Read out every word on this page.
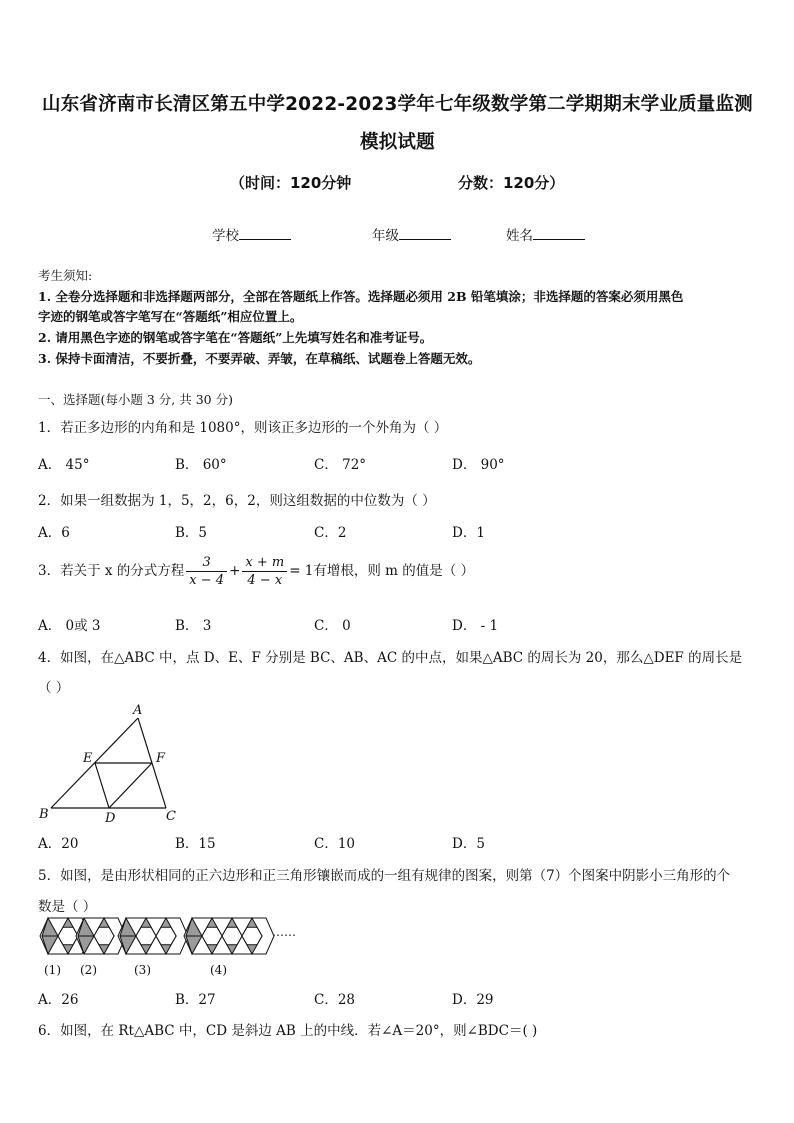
山东省济南市长清区第五中学2022-2023学年七年级数学第二学期期末学业质量监测
模拟试题
（时间：120分钟	分数：120分）
学校	年级	姓名
考生须知:
1. 全卷分选择题和非选择题两部分，全部在答题纸上作答。选择题必须用 2B 铅笔填涂；非选择题的答案必须用黑色
字迹的钢笔或答字笔写在“答题纸”相应位置上。
2. 请用黑色字迹的钢笔或答字笔在“答题纸”上先填写姓名和准考证号。
3. 保持卡面清洁，不要折叠，不要弄破、弄皱，在草稿纸、试题卷上答题无效。
一、选择题(每小题 3 分, 共 30 分)
1．若正多边形的内角和是 1080°，则该正多边形的一个外角为（ ）
A． 45°	B． 60°	C． 72°	D． 90°
2．如果一组数据为 1，5，2，6，2，则这组数据的中位数为（ ）
A．6	B．5	C．2	D．1
3．若关于 x 的分式方程 $\frac{3}{x - 4} + \frac{x + m}{4 - x} = 1$有增根，则 m 的值是（ ）
A． 0或 3	B． 3	C． 0	D． - 1
4．如图，在△ABC 中，点 D、E、F 分别是 BC、AB、AC 的中点，如果△ABC 的周长为 20，那么△DEF 的周长是
（ ）
A
B	C
D
E	F
A．20	B．15	C．10	D．5
5．如图，是由形状相同的正六边形和正三角形镶嵌而成的一组有规律的图案，则第（7）个图案中阴影小三角形的个
数是（ ）
(1) (2)	(3)	(4)
……
A．26	B．27	C．28	D．29
6．如图，在 Rt△ABC 中，CD 是斜边 AB 上的中线．若∠A＝20°，则∠BDC＝( )
